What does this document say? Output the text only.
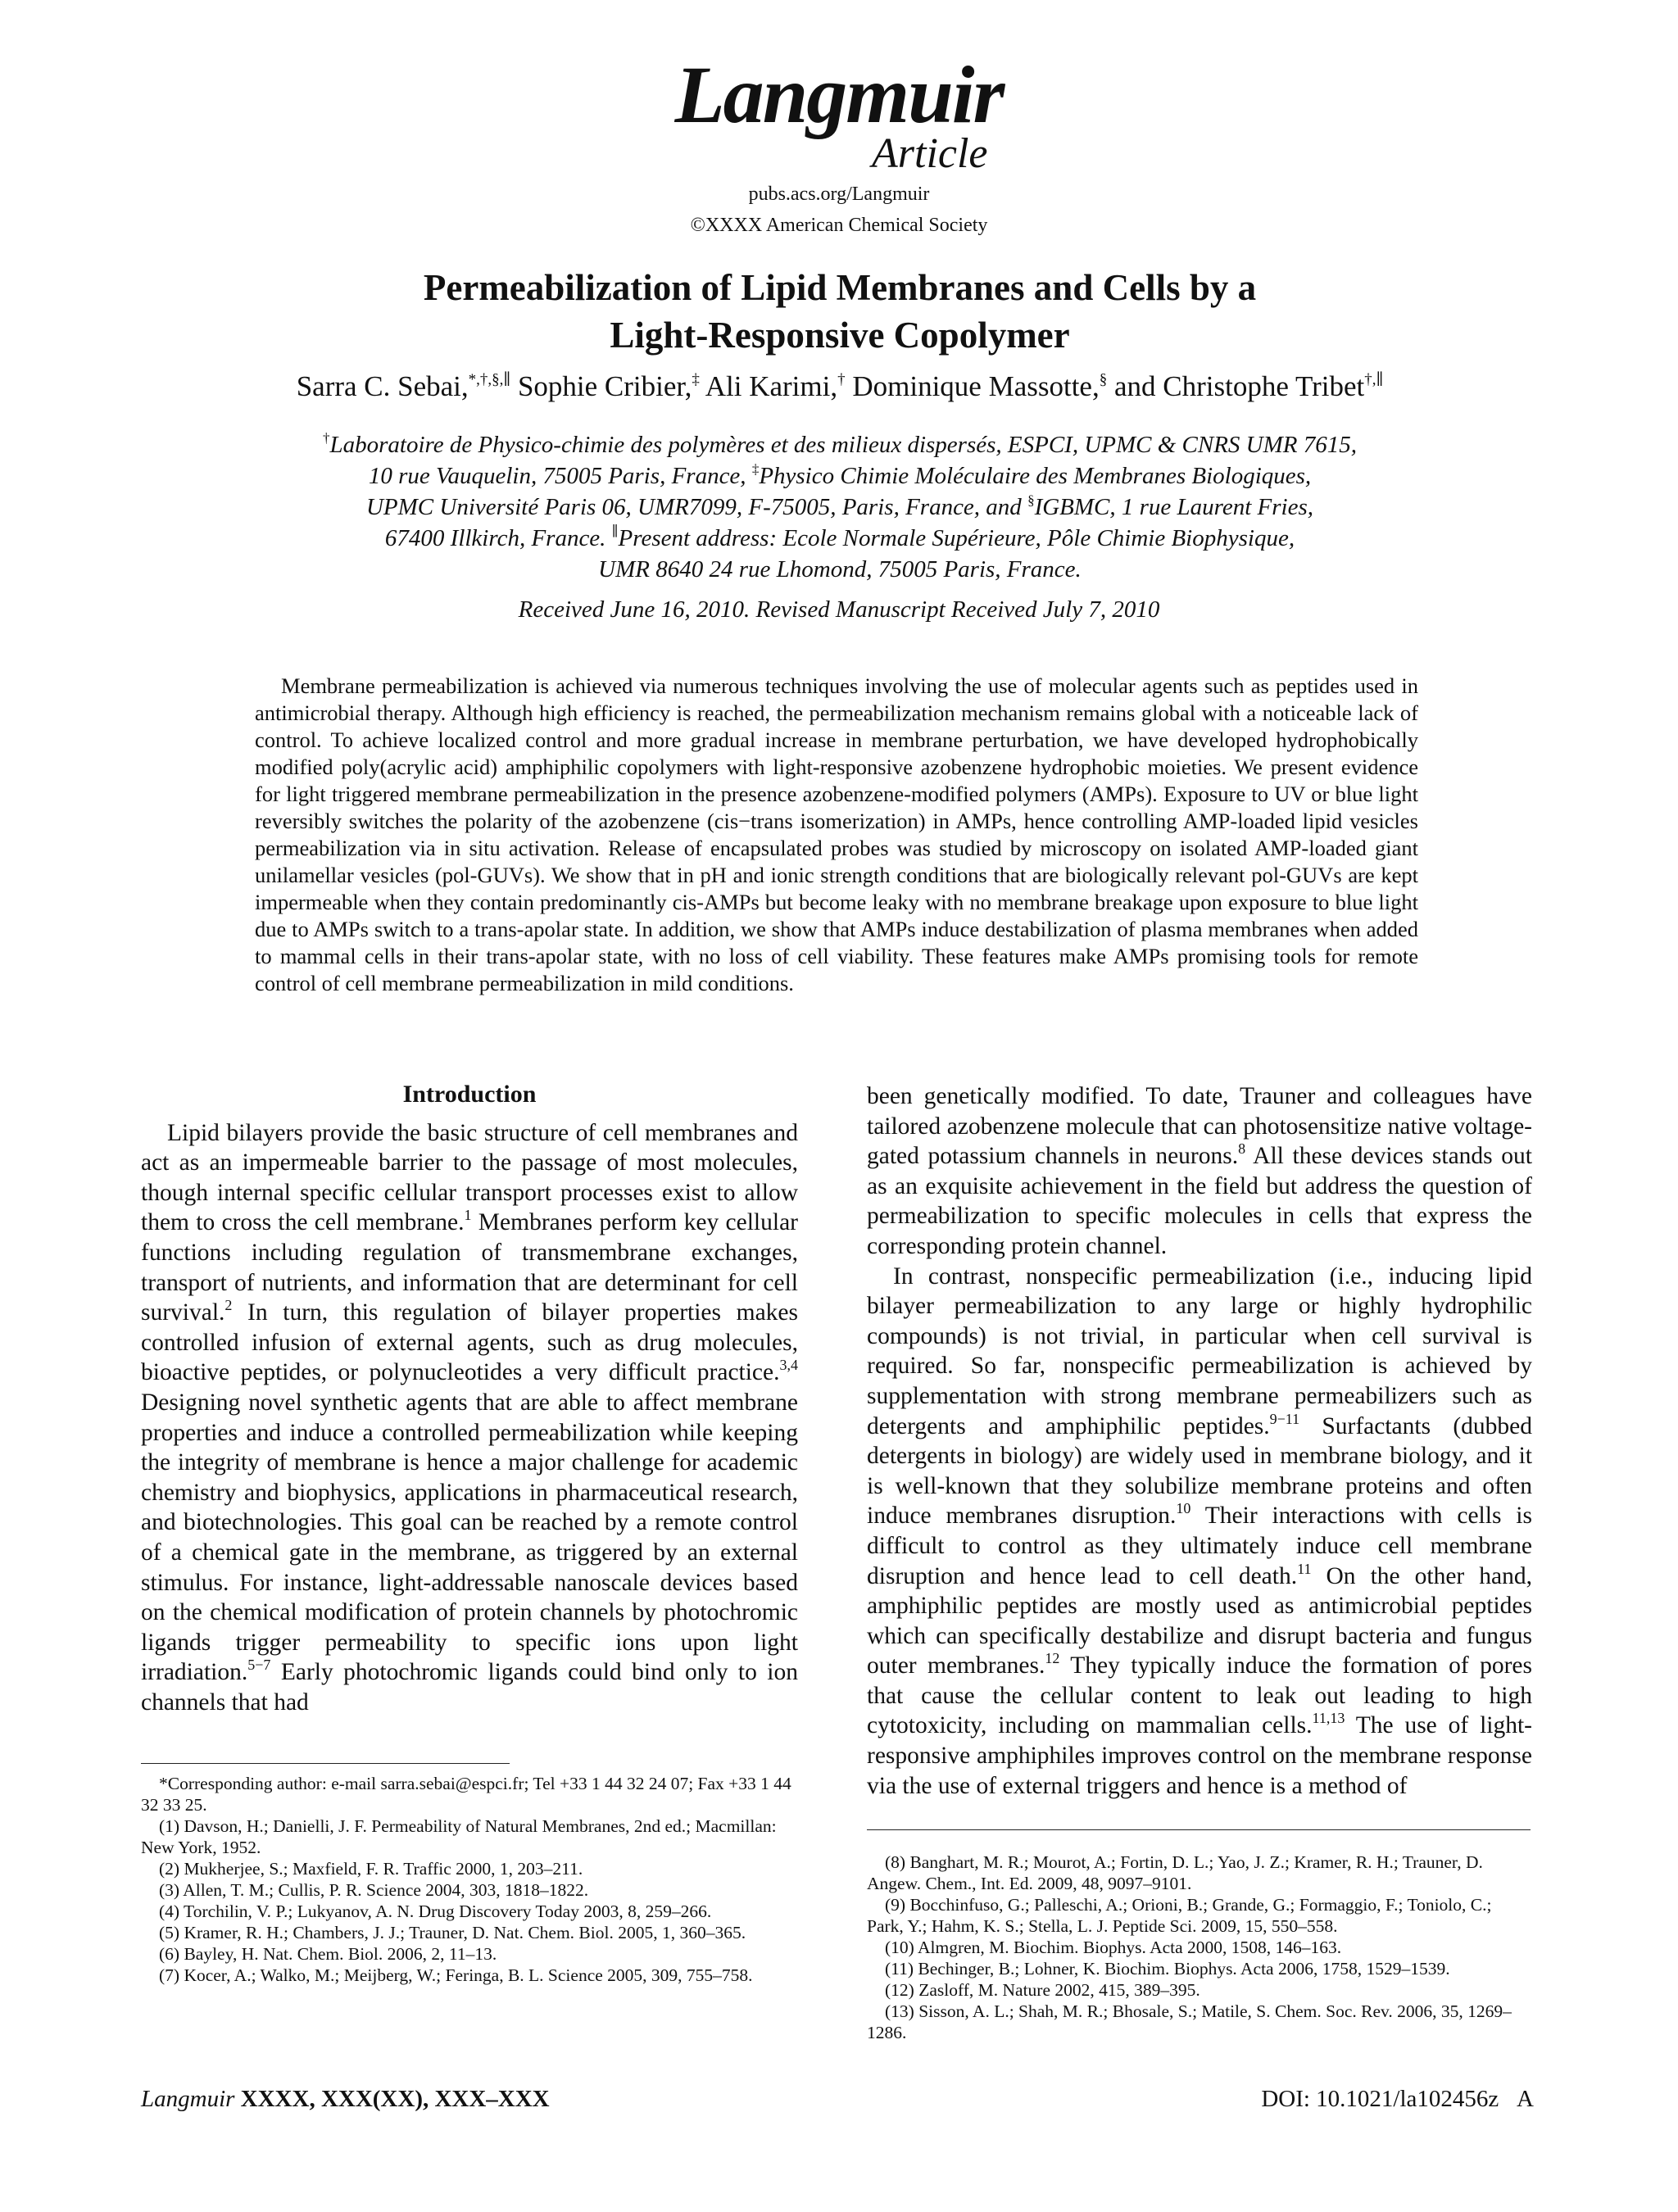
Langmuir
Article
pubs.acs.org/Langmuir
©XXXX American Chemical Society
Permeabilization of Lipid Membranes and Cells by a
Light-Responsive Copolymer
Sarra C. Sebai,*,†,§,∥ Sophie Cribier,‡ Ali Karimi,† Dominique Massotte,§ and Christophe Tribet†,∥

†Laboratoire de Physico-chimie des polymères et des milieux dispersés, ESPCI, UPMC & CNRS UMR 7615,

10 rue Vauquelin, 75005 Paris, France, ‡Physico Chimie Moléculaire des Membranes Biologiques,

UPMC Université Paris 06, UMR7099, F-75005, Paris, France, and §IGBMC, 1 rue Laurent Fries,

67400 Illkirch, France. ∥Present address: Ecole Normale Supérieure, Pôle Chimie Biophysique,

UMR 8640 24 rue Lhomond, 75005 Paris, France.

Received June 16, 2010. Revised Manuscript Received July 7, 2010

Membrane permeabilization is achieved via numerous techniques involving the use of molecular agents such as peptides used in antimicrobial therapy. Although high efficiency is reached, the permeabilization mechanism remains global with a noticeable lack of control. To achieve localized control and more gradual increase in membrane perturbation, we have developed hydrophobically modified poly(acrylic acid) amphiphilic copolymers with light-responsive azobenzene hydrophobic moieties. We present evidence for light triggered membrane permeabilization in the presence azobenzene-modified polymers (AMPs). Exposure to UV or blue light reversibly switches the polarity of the azobenzene (cis−trans isomerization) in AMPs, hence controlling AMP-loaded lipid vesicles permeabilization via in situ activation. Release of encapsulated probes was studied by microscopy on isolated AMP-loaded giant unilamellar vesicles (pol-GUVs). We show that in pH and ionic strength conditions that are biologically relevant pol-GUVs are kept impermeable when they contain predominantly cis-AMPs but become leaky with no membrane breakage upon exposure to blue light due to AMPs switch to a trans-apolar state. In addition, we show that AMPs induce destabilization of plasma membranes when added to mammal cells in their trans-apolar state, with no loss of cell viability. These features make AMPs promising tools for remote control of cell membrane permeabilization in mild conditions.

Introduction

Lipid bilayers provide the basic structure of cell membranes and act as an impermeable barrier to the passage of most molecules, though internal specific cellular transport processes exist to allow them to cross the cell membrane.$^1$ Membranes perform key cellular functions including regulation of transmembrane exchanges, transport of nutrients, and information that are determinant for cell survival.$^2$ In turn, this regulation of bilayer properties makes controlled infusion of external agents, such as drug molecules, bioactive peptides, or polynucleotides a very difficult practice.$^{3,4}$ Designing novel synthetic agents that are able to affect membrane properties and induce a controlled permeabilization while keeping the integrity of membrane is hence a major challenge for academic chemistry and biophysics, applications in pharmaceutical research, and biotechnologies. This goal can be reached by a remote control of a chemical gate in the membrane, as triggered by an external stimulus. For instance, light-addressable nanoscale devices based on the chemical modification of protein channels by photochromic ligands trigger permeability to specific ions upon light irradiation.$^{5-7}$ Early photochromic ligands could bind only to ion channels that had

been genetically modified. To date, Trauner and colleagues have tailored azobenzene molecule that can photosensitize native voltage-gated potassium channels in neurons.$^8$ All these devices stands out as an exquisite achievement in the field but address the question of permeabilization to specific molecules in cells that express the corresponding protein channel.

In contrast, nonspecific permeabilization (i.e., inducing lipid bilayer permeabilization to any large or highly hydrophilic compounds) is not trivial, in particular when cell survival is required. So far, nonspecific permeabilization is achieved by supplementation with strong membrane permeabilizers such as detergents and amphiphilic peptides.$^{9-11}$ Surfactants (dubbed detergents in biology) are widely used in membrane biology, and it is well-known that they solubilize membrane proteins and often induce membranes disruption.$^{10}$ Their interactions with cells is difficult to control as they ultimately induce cell membrane disruption and hence lead to cell death.$^{11}$ On the other hand, amphiphilic peptides are mostly used as antimicrobial peptides which can specifically destabilize and disrupt bacteria and fungus outer membranes.$^{12}$ They typically induce the formation of pores that cause the cellular content to leak out leading to high cytotoxicity, including on mammalian cells.$^{11,13}$ The use of light-responsive amphiphiles improves control on the membrane response via the use of external triggers and hence is a method of

*Corresponding author: e-mail sarra.sebai@espci.fr; Tel +33 1 44 32 24 07; Fax +33 1 44 32 33 25.

(1) Davson, H.; Danielli, J. F. Permeability of Natural Membranes, 2nd ed.; Macmillan: New York, 1952.

(2) Mukherjee, S.; Maxfield, F. R. Traffic 2000, 1, 203–211.

(3) Allen, T. M.; Cullis, P. R. Science 2004, 303, 1818–1822.

(4) Torchilin, V. P.; Lukyanov, A. N. Drug Discovery Today 2003, 8, 259–266.

(5) Kramer, R. H.; Chambers, J. J.; Trauner, D. Nat. Chem. Biol. 2005, 1, 360–365.

(6) Bayley, H. Nat. Chem. Biol. 2006, 2, 11–13.

(7) Kocer, A.; Walko, M.; Meijberg, W.; Feringa, B. L. Science 2005, 309, 755–758.

(8) Banghart, M. R.; Mourot, A.; Fortin, D. L.; Yao, J. Z.; Kramer, R. H.; Trauner, D. Angew. Chem., Int. Ed. 2009, 48, 9097–9101.

(9) Bocchinfuso, G.; Palleschi, A.; Orioni, B.; Grande, G.; Formaggio, F.; Toniolo, C.; Park, Y.; Hahm, K. S.; Stella, L. J. Peptide Sci. 2009, 15, 550–558.

(10) Almgren, M. Biochim. Biophys. Acta 2000, 1508, 146–163.

(11) Bechinger, B.; Lohner, K. Biochim. Biophys. Acta 2006, 1758, 1529–1539.

(12) Zasloff, M. Nature 2002, 415, 389–395.

(13) Sisson, A. L.; Shah, M. R.; Bhosale, S.; Matile, S. Chem. Soc. Rev. 2006, 35, 1269–1286.

Langmuir XXXX, XXX(XX), XXX–XXX	DOI: 10.1021/la102456z A
